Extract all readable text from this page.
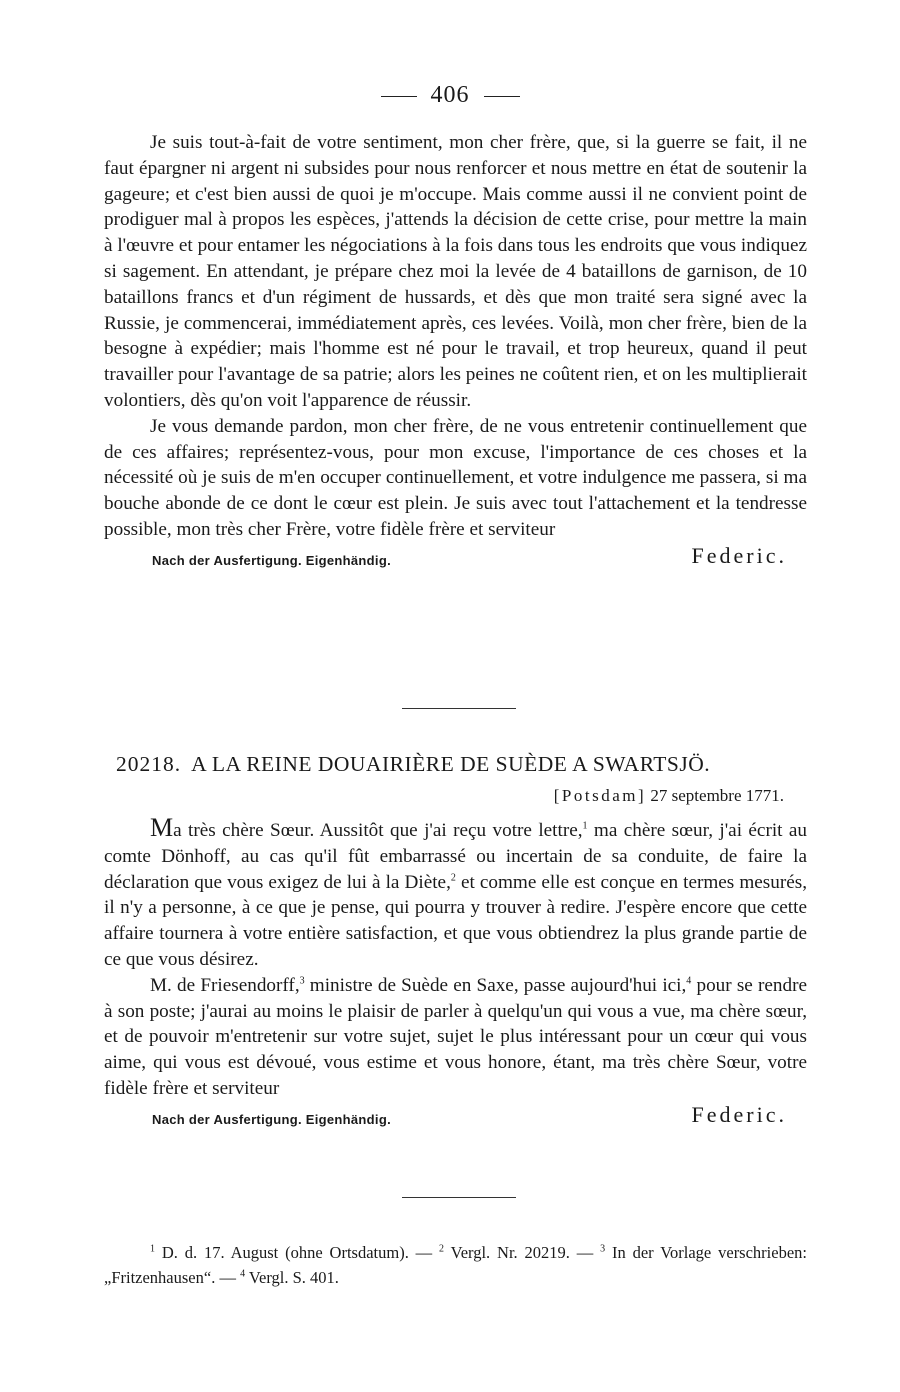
406

Je suis tout-à-fait de votre sentiment, mon cher frère, que, si la guerre se fait, il ne faut épargner ni argent ni subsides pour nous renforcer et nous mettre en état de soutenir la gageure; et c'est bien aussi de quoi je m'occupe. Mais comme aussi il ne convient point de prodiguer mal à propos les espèces, j'attends la décision de cette crise, pour mettre la main à l'œuvre et pour entamer les négociations à la fois dans tous les endroits que vous indiquez si sagement. En attendant, je prépare chez moi la levée de 4 bataillons de garnison, de 10 bataillons francs et d'un régiment de hussards, et dès que mon traité sera signé avec la Russie, je commencerai, immédiatement après, ces levées. Voilà, mon cher frère, bien de la besogne à expédier; mais l'homme est né pour le travail, et trop heureux, quand il peut travailler pour l'avantage de sa patrie; alors les peines ne coûtent rien, et on les multiplierait volontiers, dès qu'on voit l'apparence de réussir.

Je vous demande pardon, mon cher frère, de ne vous entretenir continuellement que de ces affaires; représentez-vous, pour mon excuse, l'importance de ces choses et la nécessité où je suis de m'en occuper continuellement, et votre indulgence me passera, si ma bouche abonde de ce dont le cœur est plein. Je suis avec tout l'attachement et la tendresse possible, mon très cher Frère, votre fidèle frère et serviteur

Nach der Ausfertigung. Eigenhändig.	Federic.
20218. A LA REINE DOUAIRIÈRE DE SUÈDE A SWARTSJÖ.
[Potsdam] 27 septembre 1771.

Ma très chère Sœur. Aussitôt que j'ai reçu votre lettre,$^1$ ma chère sœur, j'ai écrit au comte Dönhoff, au cas qu'il fût embarrassé ou incertain de sa conduite, de faire la déclaration que vous exigez de lui à la Diète,$^2$ et comme elle est conçue en termes mesurés, il n'y a personne, à ce que je pense, qui pourra y trouver à redire. J'espère encore que cette affaire tournera à votre entière satisfaction, et que vous obtiendrez la plus grande partie de ce que vous désirez.

M. de Friesendorff,$^3$ ministre de Suède en Saxe, passe aujourd'hui ici,$^4$ pour se rendre à son poste; j'aurai au moins le plaisir de parler à quelqu'un qui vous a vue, ma chère sœur, et de pouvoir m'entretenir sur votre sujet, sujet le plus intéressant pour un cœur qui vous aime, qui vous est dévoué, vous estime et vous honore, étant, ma très chère Sœur, votre fidèle frère et serviteur

Nach der Ausfertigung. Eigenhändig.	Federic.

$^1$ D. d. 17. August (ohne Ortsdatum). — $^2$ Vergl. Nr. 20219. — $^3$ In der Vorlage verschrieben: „Fritzenhausen“. — $^4$ Vergl. S. 401.
